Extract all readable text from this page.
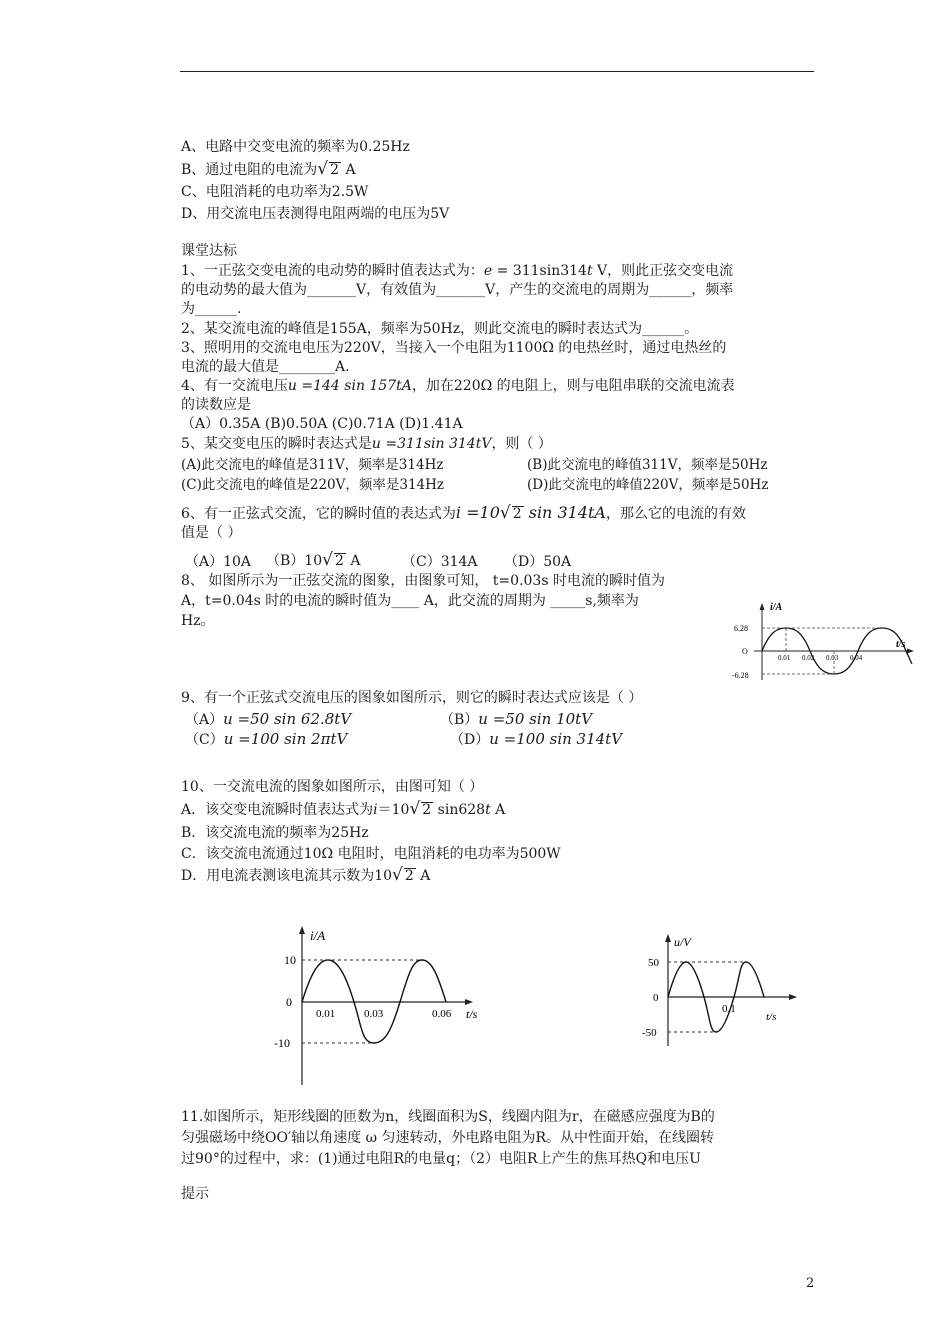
A、电路中交变电流的频率为0.25Hz
B、通过电阻的电流为√ 2 A
C、电阻消耗的电功率为2.5W
D、用交流电压表测得电阻两端的电压为5V
课堂达标
1、一正弦交变电流的电动势的瞬时值表达式为：e = 311sin314t V，则此正弦交变电流
的电动势的最大值为_______V，有效值为_______V，产生的交流电的周期为______，频率
为______.
2、某交流电流的峰值是155A，频率为50Hz，则此交流电的瞬时表达式为______。
3、照明用的交流电电压为220V，当接入一个电阻为1100Ω 的电热丝时，通过电热丝的
电流的最大值是________A.
4、有一交流电压u =144 sin 157tA，加在220Ω 的电阻上，则与电阻串联的交流电流表
的读数应是
（A）0.35A (B)0.50A (C)0.71A (D)1.41A
5、某交变电压的瞬时表达式是u =311sin 314tV，则（ ）
(A)此交流电的峰值是311V，频率是314Hz	(B)此交流电的峰值311V，频率是50Hz
(C)此交流电的峰值是220V，频率是314Hz	(D)此交流电的峰值220V，频率是50Hz
6、有一正弦式交流，它的瞬时值的表达式为i =10√ 2 sin 314tA，那么它的电流的有效
值是（ ）
（A）10A （B）10√ 2 A	（C）314A （D）50A
8、 如图所示为一正弦交流的图象，由图象可知， t=0.03s 时电流的瞬时值为
A，t=0.04s 时的电流的瞬时值为____ A，此交流的周期为 _____s,频率为
Hz。
i/A
t/s
6.28
O
-6.28
0.01 0.02 0.03 0.04
9、有一个正弦式交流电压的图象如图所示，则它的瞬时表达式应该是（ ）
（A）u =50 sin 62.8tV	（B）u =50 sin 10tV
（C）u =100 sin 2πtV	（D）u =100 sin 314tV
10、一交流电流的图象如图所示，由图可知（ ）
A．该交变电流瞬时值表达式为i＝10√ 2 sin628t A
B．该交流电流的频率为25Hz
C．该交流电流通过10Ω 电阻时，电阻消耗的电功率为500W
D．用电流表测该电流其示数为10√ 2 A
i/A
t/s
10
0
-10
0.01	0.03	0.06
u/V
t/s
50
0
-50
0.1
11.如图所示，矩形线圈的匝数为n，线圈面积为S，线圈内阻为r，在磁感应强度为B的
匀强磁场中绕OO′轴以角速度 ω 匀速转动，外电路电阻为R。从中性面开始，在线圈转
过90°的过程中，求：(1)通过电阻R的电量q；（2）电阻R上产生的焦耳热Q和电压U
提示
2
